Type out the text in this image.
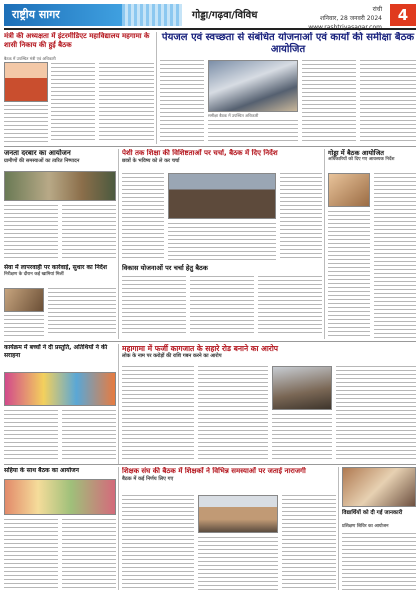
राष्ट्रीय सागर	गोड्डा/गढ़वा/विविध
रांची
शनिवार, 28 जनवरी 2024	4
मंत्री की अध्यक्षता में इंटरमीडिएट महाविद्यालय महगामा के शासी निकाय की हुई बैठक
बैठक में उपस्थित मंत्री एवं अधिकारी
पेयजल एवं स्वच्छता से संबंधित योजनाओं एवं कार्यों की समीक्षा बैठक आयोजित
समीक्षा बैठक में उपस्थित अधिकारी
जनता दरबार का आयोजन
ग्रामीणों की समस्याओं का त्वरित निष्पादन
सेवा में लापरवाही पर कार्रवाई, सुधार का निर्देश
निरीक्षण के दौरान कई खामियां मिलीं
पेशी तक शिक्षा की विशिष्टताओं पर चर्चा, बैठक में दिए निर्देश
छात्रों के भविष्य को ले कर चर्चा
विकास योजनाओं पर चर्चा हेतु बैठक
गोड्डा में बैठक आयोजित
अधिकारियों को दिए गए आवश्यक निर्देश
कार्यक्रम में बच्चों ने दी प्रस्तुति, अतिथियों ने की सराहना
महागामा में फर्जी कागजात के सहारे रोड बनाने का आरोप
लोक के नाम पर करोड़ों की राशि गबन करने का आरोप
सहिया के साथ बैठक का आयोजन	शिक्षक संघ की बैठक में शिक्षकों ने विभिन्न समस्याओं पर जताई नाराजगी
बैठक में कई निर्णय लिए गए
विद्यार्थियों को दी गई जानकारी
प्रशिक्षण शिविर का आयोजन
